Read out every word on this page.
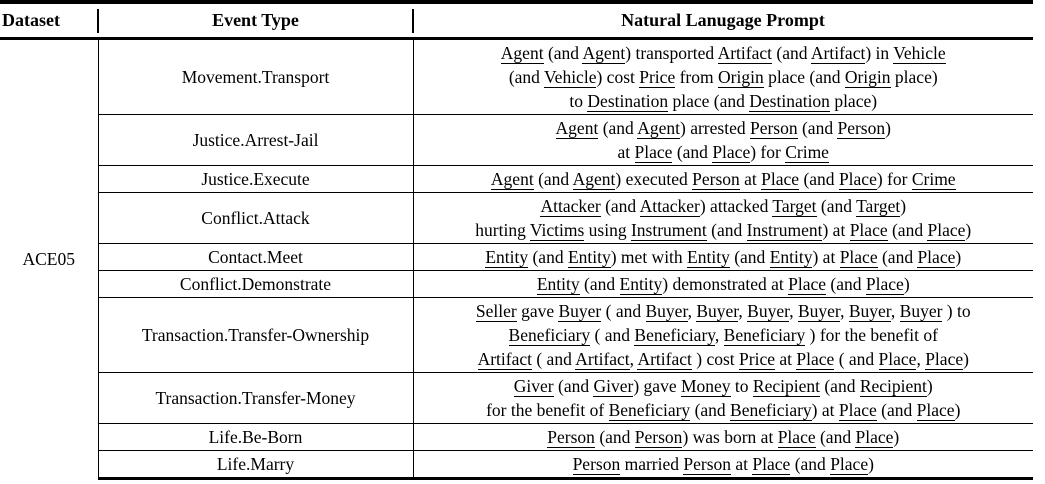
Dataset	Event Type	Natural Lanugage Prompt
ACE05	Movement.Transport	Agent (and Agent) transported Artifact (and Artifact) in Vehicle
(and Vehicle) cost Price from Origin place (and Origin place)
to Destination place (and Destination place)

	Justice.Arrest-Jail	Agent (and Agent) arrested Person (and Person)
at Place (and Place) for Crime

	Justice.Execute	Agent (and Agent) executed Person at Place (and Place) for Crime

	Conflict.Attack	Attacker (and Attacker) attacked Target (and Target)
hurting Victims using Instrument (and Instrument) at Place (and Place)

	Contact.Meet	Entity (and Entity) met with Entity (and Entity) at Place (and Place)

	Conflict.Demonstrate	Entity (and Entity) demonstrated at Place (and Place)

	Transaction.Transfer-Ownership	Seller gave Buyer ( and Buyer, Buyer, Buyer, Buyer, Buyer, Buyer ) to
Beneficiary ( and Beneficiary, Beneficiary ) for the benefit of
Artifact ( and Artifact, Artifact ) cost Price at Place ( and Place, Place)

	Transaction.Transfer-Money	Giver (and Giver) gave Money to Recipient (and Recipient)
for the benefit of Beneficiary (and Beneficiary) at Place (and Place)

	Life.Be-Born	Person (and Person) was born at Place (and Place)

	Life.Marry	Person married Person at Place (and Place)
